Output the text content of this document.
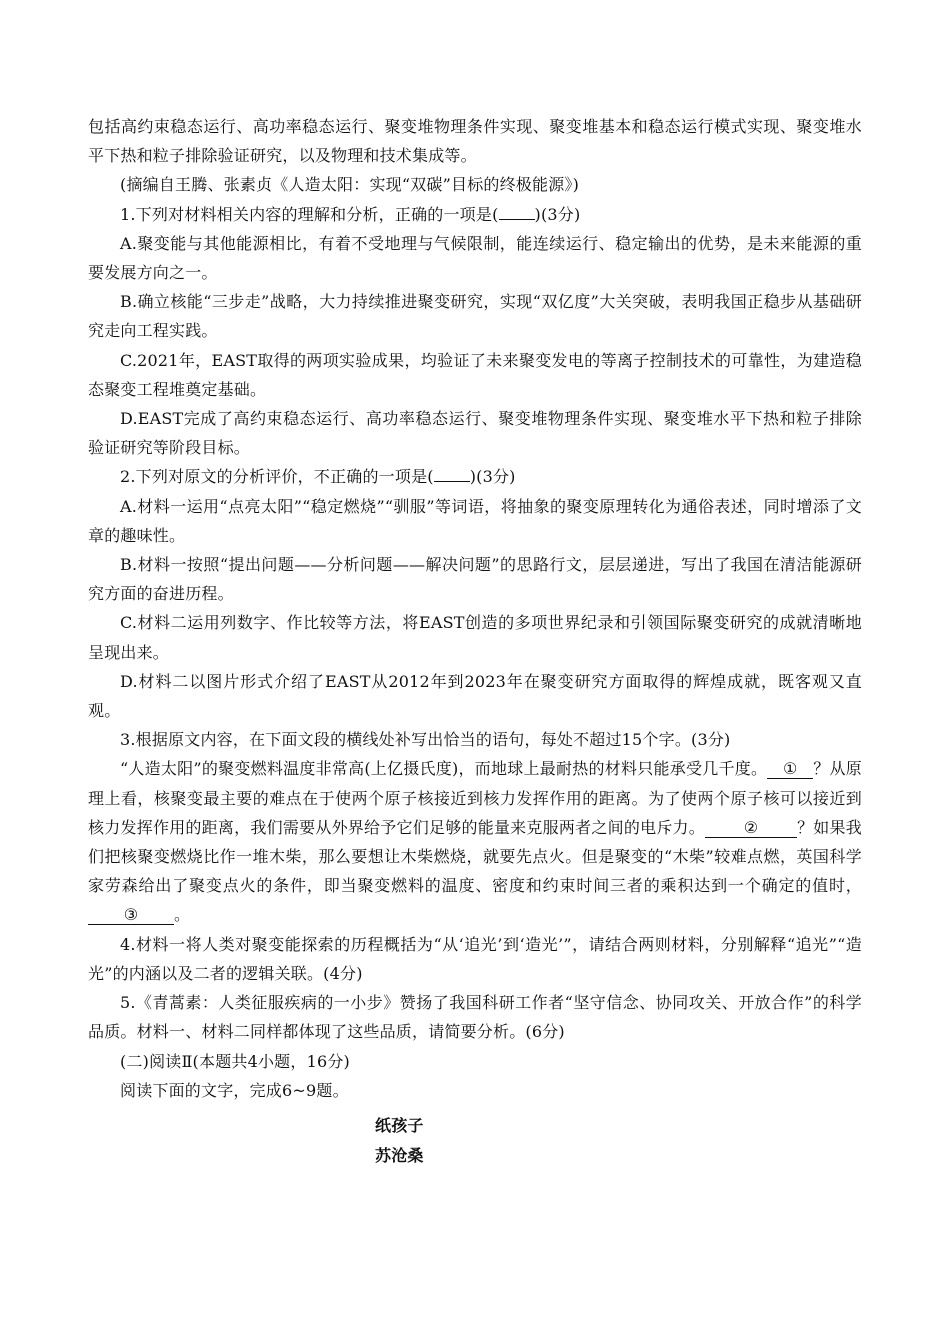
包括高约束稳态运行、高功率稳态运行、聚变堆物理条件实现、聚变堆基本和稳态运行模式实现、聚变堆水平下热和粒子排除验证研究，以及物理和技术集成等。

(摘编自王腾、张素贞《人造太阳：实现“双碳”目标的终极能源》)

1.下列对材料相关内容的理解和分析，正确的一项是( )(3分)

A.聚变能与其他能源相比，有着不受地理与气候限制，能连续运行、稳定输出的优势，是未来能源的重要发展方向之一。

B.确立核能“三步走”战略，大力持续推进聚变研究，实现“双亿度”大关突破，表明我国正稳步从基础研究走向工程实践。

C.2021年，EAST取得的两项实验成果，均验证了未来聚变发电的等离子控制技术的可靠性，为建造稳态聚变工程堆奠定基础。

D.EAST完成了高约束稳态运行、高功率稳态运行、聚变堆物理条件实现、聚变堆水平下热和粒子排除验证研究等阶段目标。

2.下列对原文的分析评价，不正确的一项是( )(3分)

A.材料一运用“点亮太阳”“稳定燃烧”“驯服”等词语，将抽象的聚变原理转化为通俗表述，同时增添了文章的趣味性。

B.材料一按照“提出问题——分析问题——解决问题”的思路行文，层层递进，写出了我国在清洁能源研究方面的奋进历程。

C.材料二运用列数字、作比较等方法，将EAST创造的多项世界纪录和引领国际聚变研究的成就清晰地呈现出来。

D.材料二以图片形式介绍了EAST从2012年到2023年在聚变研究方面取得的辉煌成就，既客观又直观。

3.根据原文内容，在下面文段的横线处补写出恰当的语句，每处不超过15个字。(3分)

“人造太阳”的聚变燃料温度非常高(上亿摄氏度)，而地球上最耐热的材料只能承受几千度。 ① ？从原理上看，核聚变最主要的难点在于使两个原子核接近到核力发挥作用的距离。为了使两个原子核可以接近到核力发挥作用的距离，我们需要从外界给予它们足够的能量来克服两者之间的电斥力。 ② ？如果我们把核聚变燃烧比作一堆木柴，那么要想让木柴燃烧，就要先点火。但是聚变的“木柴”较难点燃，英国科学家劳森给出了聚变点火的条件，即当聚变燃料的温度、密度和约束时间三者的乘积达到一个确定的值时，③ 。

4.材料一将人类对聚变能探索的历程概括为“从‘追光’到‘造光’”，请结合两则材料，分别解释“追光”“造光”的内涵以及二者的逻辑关联。(4分)

5.《青蒿素：人类征服疾病的一小步》赞扬了我国科研工作者“坚守信念、协同攻关、开放合作”的科学品质。材料一、材料二同样都体现了这些品质，请简要分析。(6分)

(二)阅读Ⅱ(本题共4小题，16分)

阅读下面的文字，完成6~9题。

纸孩子

苏沧桑
